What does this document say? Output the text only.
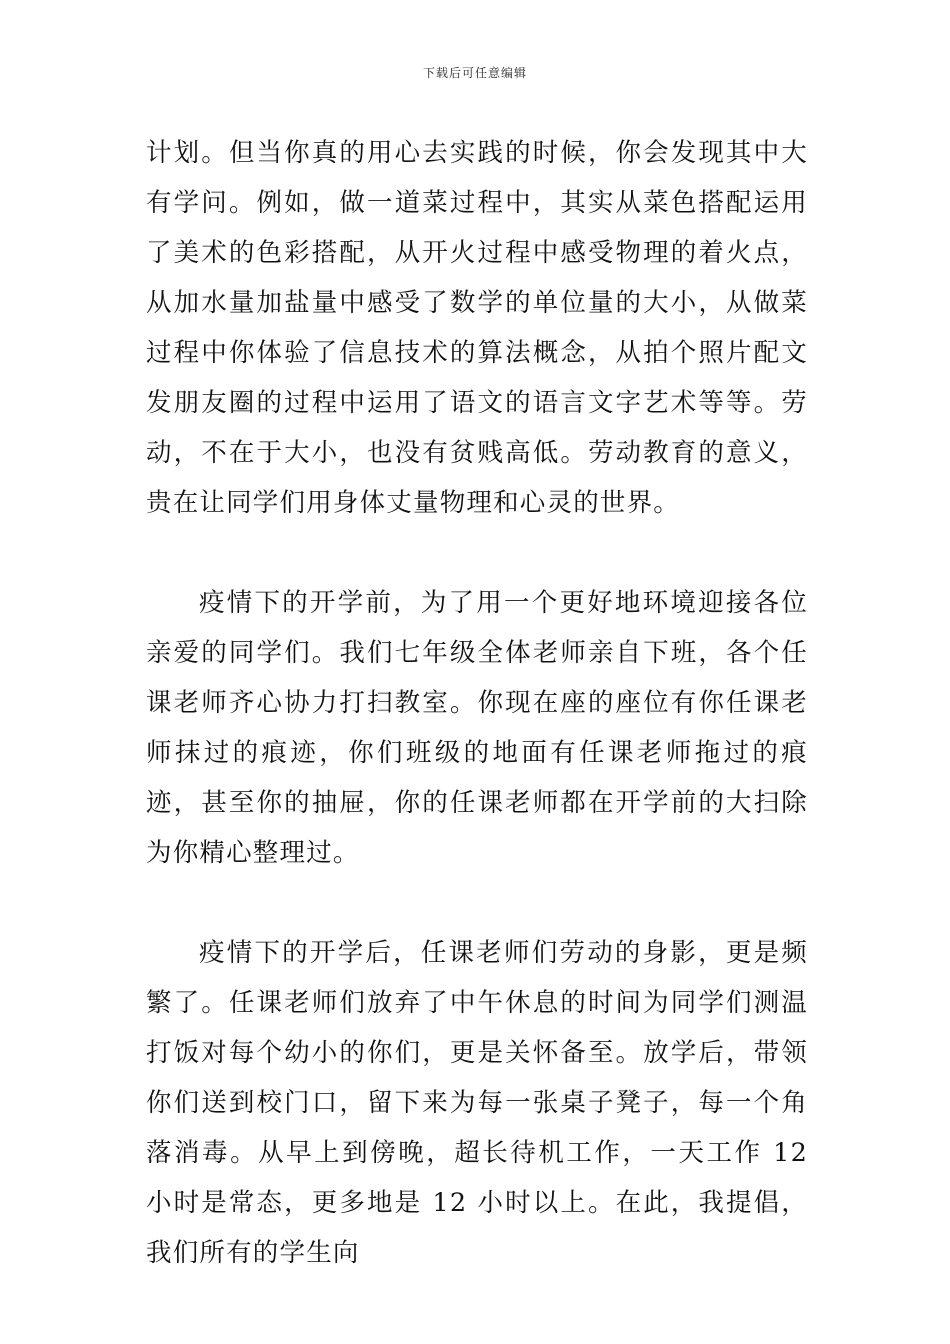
下载后可任意编辑

计划。但当你真的用心去实践的时候，你会发现其中大有学问。例如，做一道菜过程中，其实从菜色搭配运用了美术的色彩搭配，从开火过程中感受物理的着火点，从加水量加盐量中感受了数学的单位量的大小，从做菜过程中你体验了信息技术的算法概念，从拍个照片配文发朋友圈的过程中运用了语文的语言文字艺术等等。劳动，不在于大小，也没有贫贱高低。劳动教育的意义，贵在让同学们用身体丈量物理和心灵的世界。

疫情下的开学前，为了用一个更好地环境迎接各位亲爱的同学们。我们七年级全体老师亲自下班，各个任课老师齐心协力打扫教室。你现在座的座位有你任课老师抹过的痕迹，你们班级的地面有任课老师拖过的痕迹，甚至你的抽屉，你的任课老师都在开学前的大扫除为你精心整理过。

疫情下的开学后，任课老师们劳动的身影，更是频繁了。任课老师们放弃了中午休息的时间为同学们测温打饭对每个幼小的你们，更是关怀备至。放学后，带领你们送到校门口，留下来为每一张桌子凳子，每一个角落消毒。从早上到傍晚，超长待机工作，一天工作 12 小时是常态，更多地是 12 小时以上。在此，我提倡，我们所有的学生向
